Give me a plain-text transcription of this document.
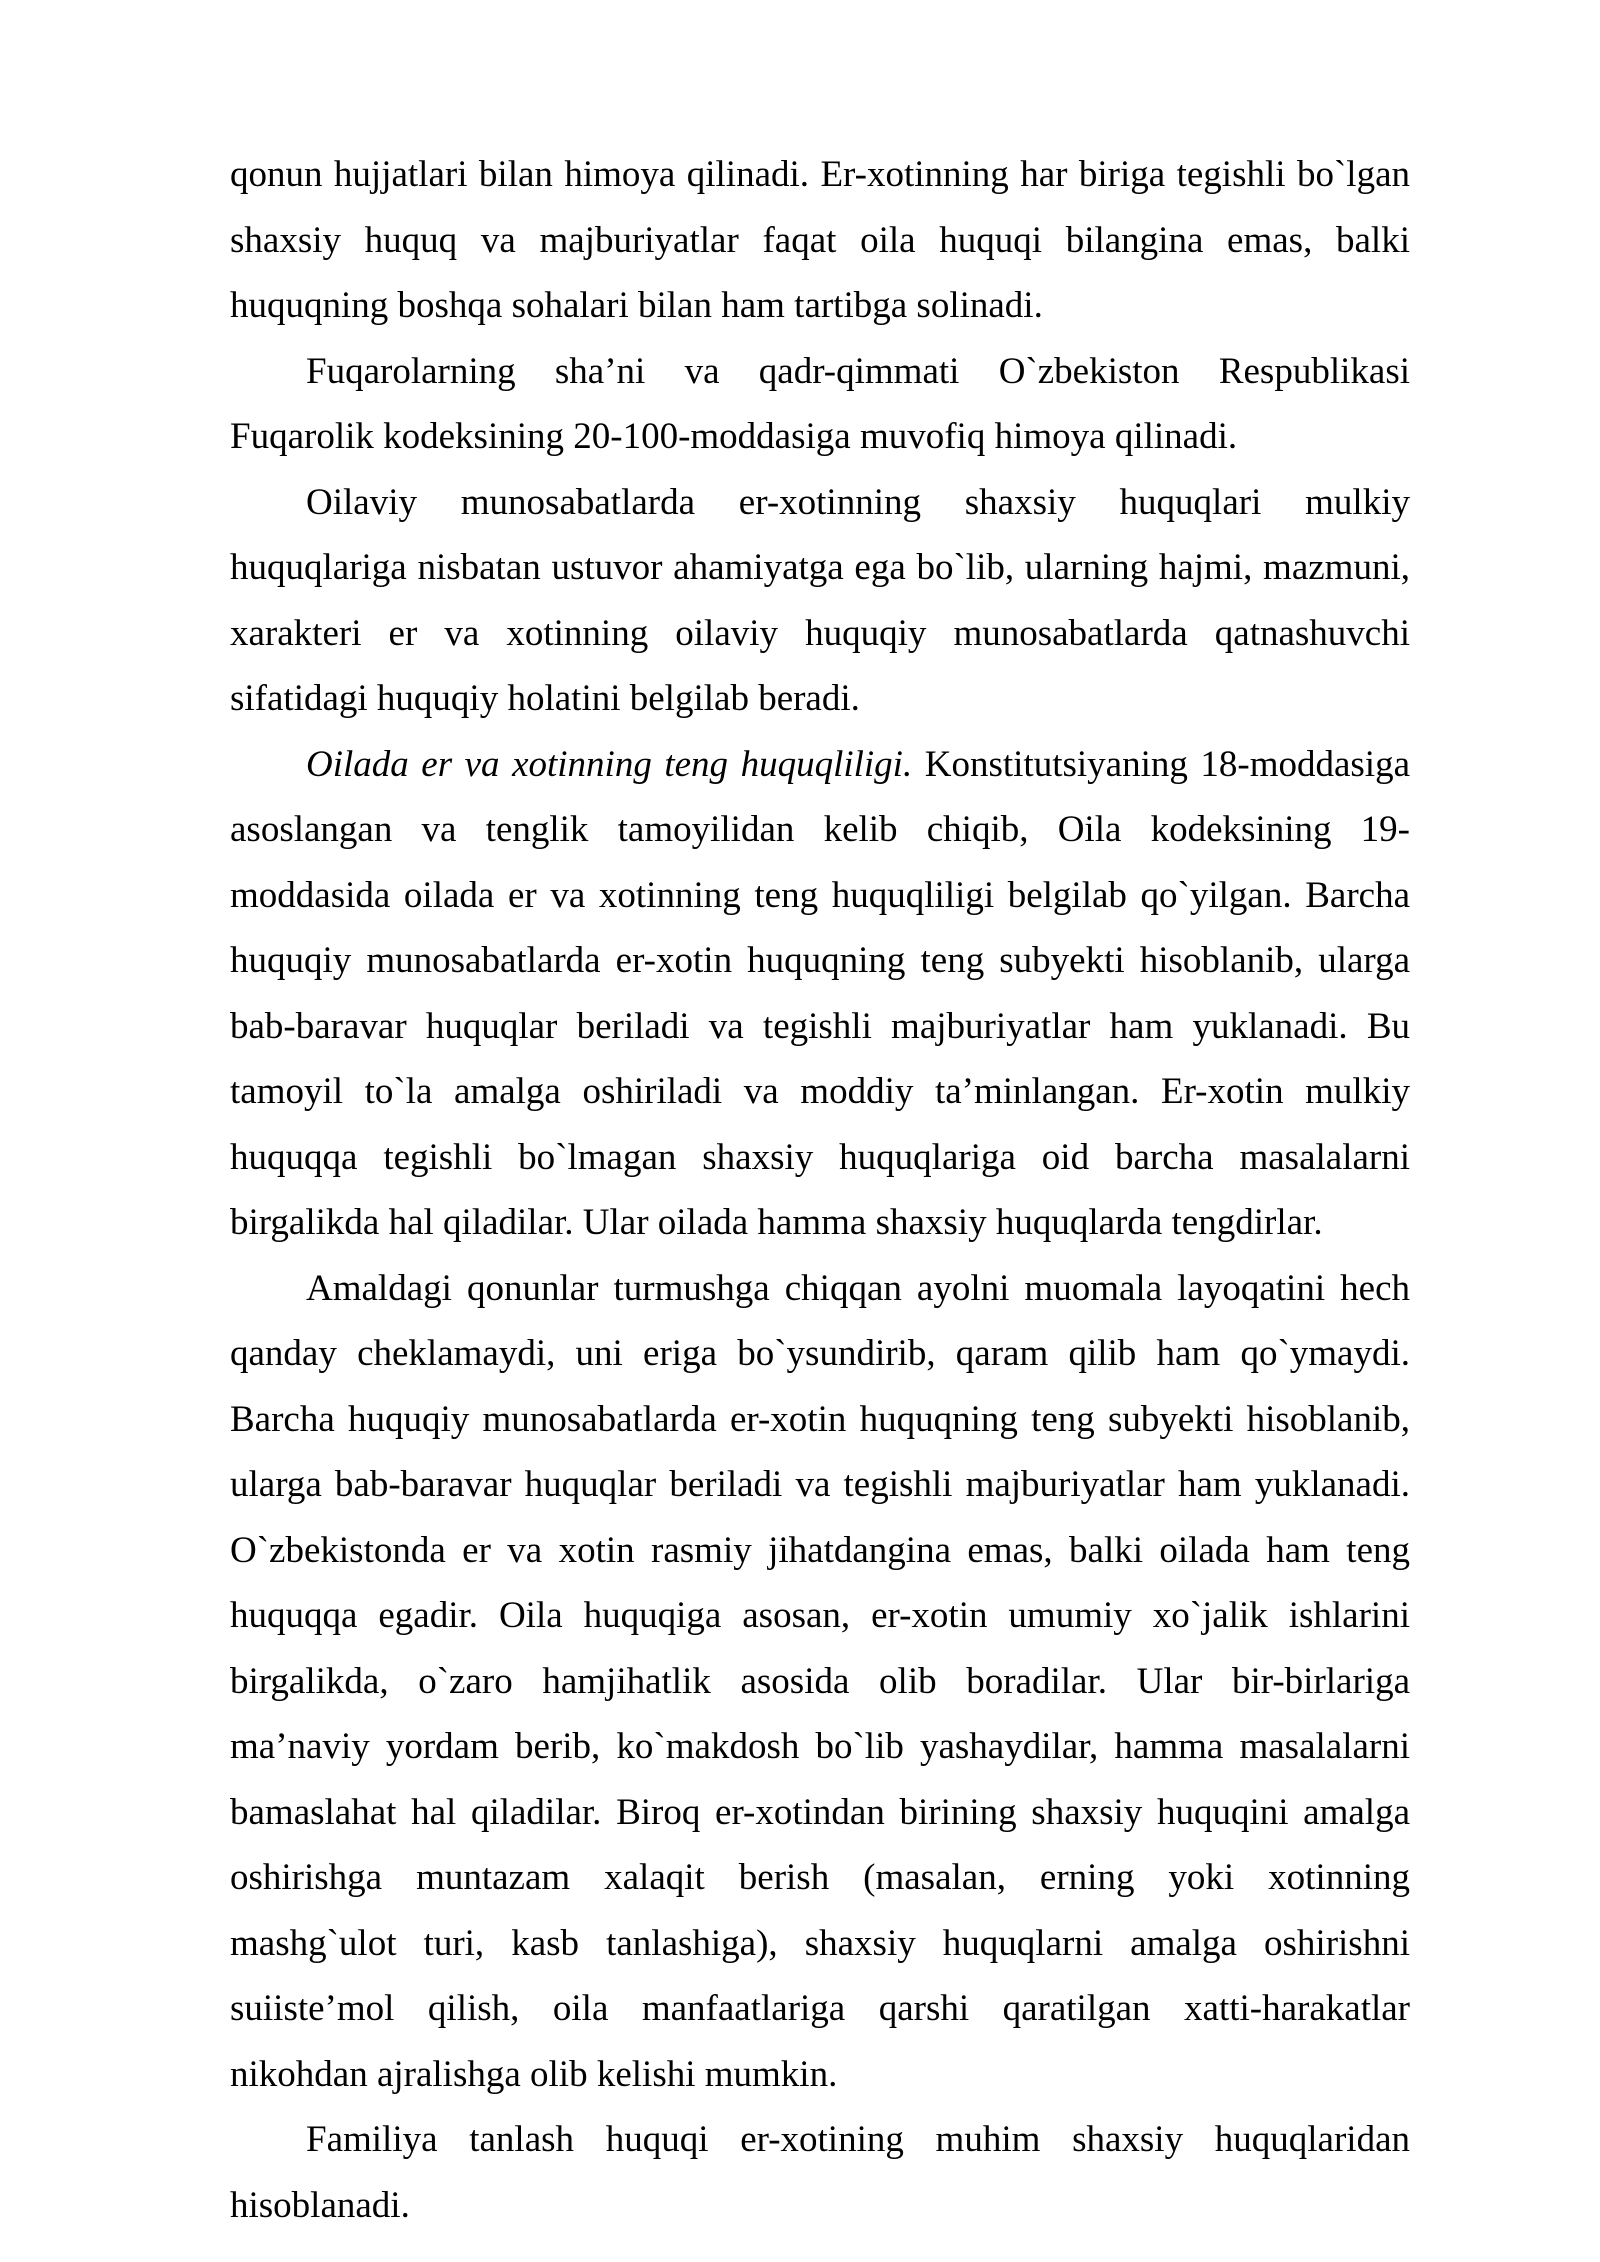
qonun hujjatlari bilan himoya qilinadi. Er-xotinning har biriga tegishli bo`lgan shaxsiy huquq va majburiyatlar faqat oila huquqi bilangina emas, balki huquqning boshqa sohalari bilan ham tartibga solinadi.

Fuqarolarning sha’ni va qadr-qimmati O`zbekiston Respublikasi Fuqarolik kodeksining 20-100-moddasiga muvofiq himoya qilinadi.

Oilaviy munosabatlarda er-xotinning shaxsiy huquqlari mulkiy huquqlariga nisbatan ustuvor ahamiyatga ega bo`lib, ularning hajmi, mazmuni, xarakteri er va xotinning oilaviy huquqiy munosabatlarda qatnashuvchi sifatidagi huquqiy holatini belgilab beradi.

Oilada er va xotinning teng huquqliligi. Konstitutsiyaning 18-moddasiga asoslangan va tenglik tamoyilidan kelib chiqib, Oila kodeksining 19-moddasida oilada er va xotinning teng huquqliligi belgilab qo`yilgan. Barcha huquqiy munosabatlarda er-xotin huquqning teng subyekti hisoblanib, ularga bab-baravar huquqlar beriladi va tegishli majburiyatlar ham yuklanadi. Bu tamoyil to`la amalga oshiriladi va moddiy ta’minlangan. Er-xotin mulkiy huquqqa tegishli bo`lmagan shaxsiy huquqlariga oid barcha masalalarni birgalikda hal qiladilar. Ular oilada hamma shaxsiy huquqlarda tengdirlar.

Amaldagi qonunlar turmushga chiqqan ayolni muomala layoqatini hech qanday cheklamaydi, uni eriga bo`ysundirib, qaram qilib ham qo`ymaydi. Barcha huquqiy munosabatlarda er-xotin huquqning teng subyekti hisoblanib, ularga bab-baravar huquqlar beriladi va tegishli majburiyatlar ham yuklanadi. O`zbekistonda er va xotin rasmiy jihatdangina emas, balki oilada ham teng huquqqa egadir. Oila huquqiga asosan, er-xotin umumiy xo`jalik ishlarini birgalikda, o`zaro hamjihatlik asosida olib boradilar. Ular bir-birlariga ma’naviy yordam berib, ko`makdosh bo`lib yashaydilar, hamma masalalarni bamaslahat hal qiladilar. Biroq er-xotindan birining shaxsiy huquqini amalga oshirishga muntazam xalaqit berish (masalan, erning yoki xotinning mashg`ulot turi, kasb tanlashiga), shaxsiy huquqlarni amalga oshirishni suiiste’mol qilish, oila manfaatlariga qarshi qaratilgan xatti-harakatlar nikohdan ajralishga olib kelishi mumkin.

Familiya tanlash huquqi er-xotining muhim shaxsiy huquqlaridan hisoblanadi.
